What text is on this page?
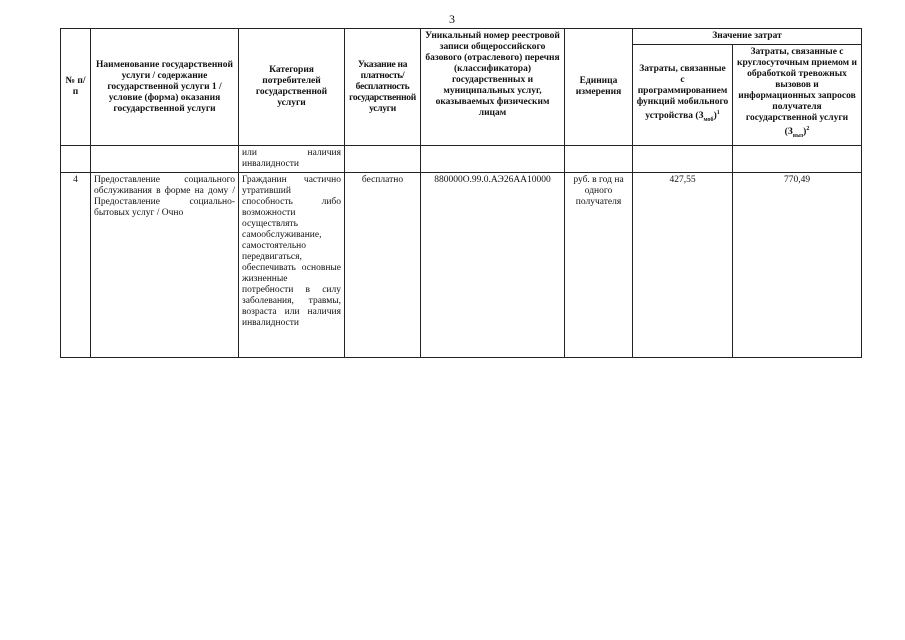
3
№ п/п	Наименование государственной услуги / содержание государственной услуги 1 / условие (форма) оказания государственной услуги	Категория потребителей государственной услуги	Указание на платность/ бесплатность государственной услуги	Уникальный номер реестровой записи общероссийского базового (отраслевого) перечня (классификатора) государственных и муниципальных услуг, оказываемых физическим лицам	Единица измерения	Значение затрат	
						Затраты, связанные с программированием функций мобильного устройства $(З_{моб})^1$	Затраты, связанные с круглосуточным приемом и обработкой тревожных вызовов и информационных запросов получателя государственной услуги $(З_{выз})^2$
		или наличия инвалидности					
4	Предоставление социального обслуживания в форме на дому / Предоставление социально-бытовых услуг / Очно	Гражданин частично утративший способность либо возможности осуществлять самообслуживание, самостоятельно передвигаться, обеспечивать основные жизненные потребности в силу заболевания, травмы, возраста или наличия инвалидности	бесплатно	880000О.99.0.АЭ26АА10000	руб. в год на одного получателя	427,55	770,49
